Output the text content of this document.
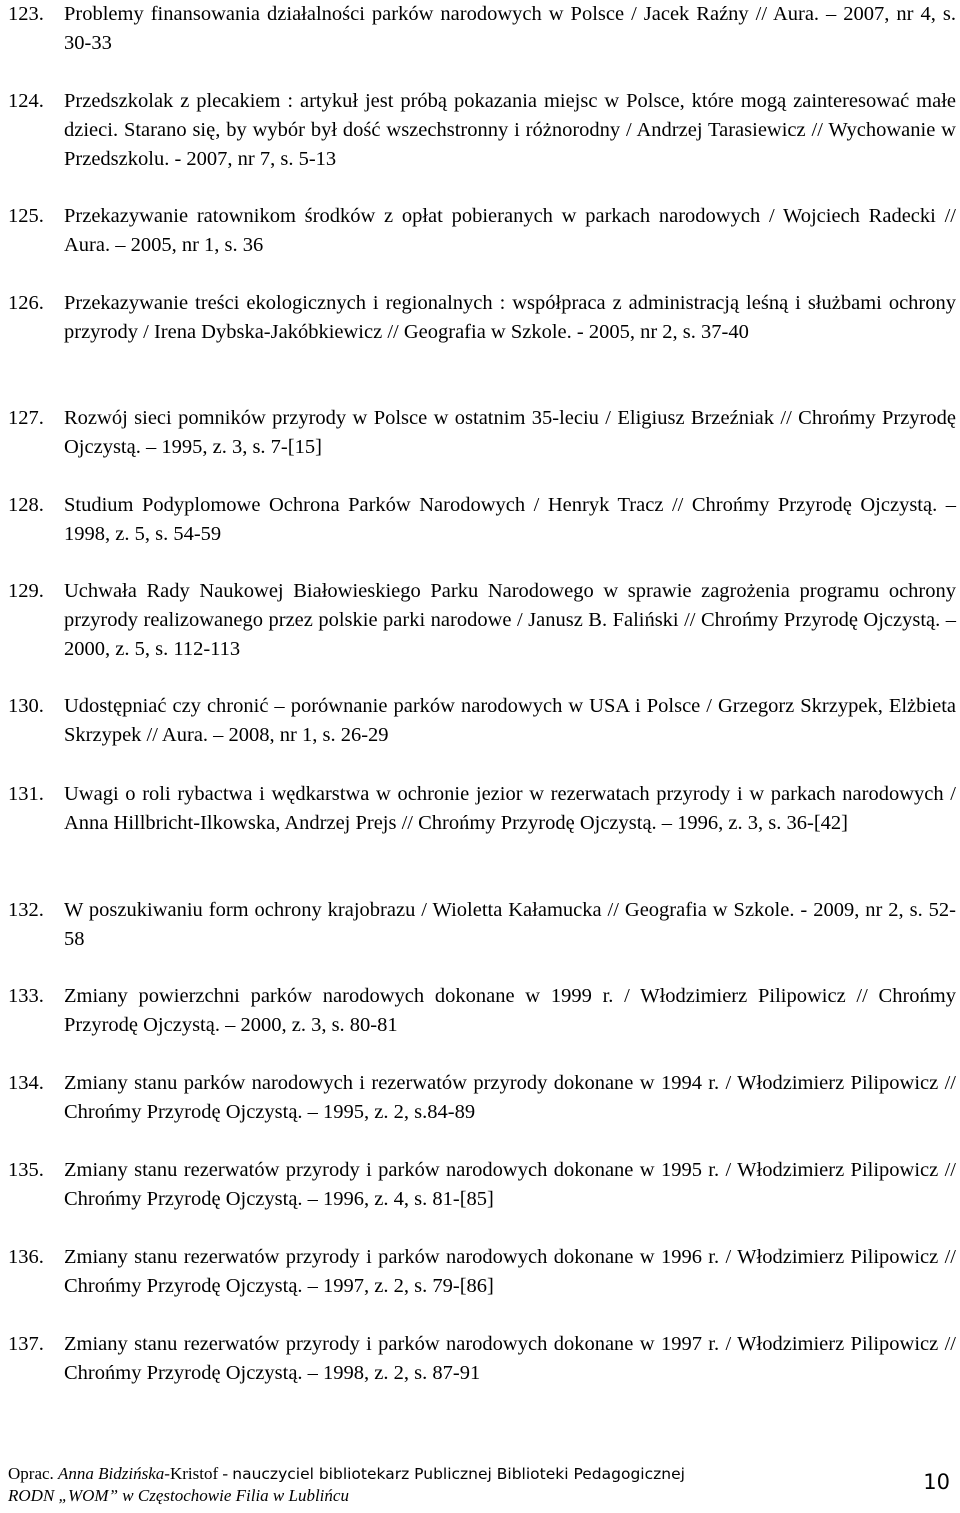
123. Problemy finansowania działalności parków narodowych w Polsce / Jacek Raźny // Aura. – 2007, nr 4, s. 30-33
124. Przedszkolak z plecakiem : artykuł jest próbą pokazania miejsc w Polsce, które mogą zainteresować małe dzieci. Starano się, by wybór był dość wszechstronny i różnorodny / Andrzej Tarasiewicz // Wychowanie w Przedszkolu. - 2007, nr 7, s. 5-13
125. Przekazywanie ratownikom środków z opłat pobieranych w parkach narodowych / Wojciech Radecki // Aura. – 2005, nr 1, s. 36
126. Przekazywanie treści ekologicznych i regionalnych : współpraca z administracją leśną i służbami ochrony przyrody / Irena Dybska-Jakóbkiewicz // Geografia w Szkole. - 2005, nr 2, s. 37-40
127. Rozwój sieci pomników przyrody w Polsce w ostatnim 35-leciu / Eligiusz Brzeźniak // Chrońmy Przyrodę Ojczystą. – 1995, z. 3, s. 7-[15]
128. Studium Podyplomowe Ochrona Parków Narodowych / Henryk Tracz // Chrońmy Przyrodę Ojczystą. – 1998, z. 5, s. 54-59
129. Uchwała Rady Naukowej Białowieskiego Parku Narodowego w sprawie zagrożenia programu ochrony przyrody realizowanego przez polskie parki narodowe / Janusz B. Faliński // Chrońmy Przyrodę Ojczystą. – 2000, z. 5, s. 112-113
130. Udostępniać czy chronić – porównanie parków narodowych w USA i Polsce / Grzegorz Skrzypek, Elżbieta Skrzypek // Aura. – 2008, nr 1, s. 26-29
131. Uwagi o roli rybactwa i wędkarstwa w ochronie jezior w rezerwatach przyrody i w parkach narodowych / Anna Hillbricht-Ilkowska, Andrzej Prejs // Chrońmy Przyrodę Ojczystą. – 1996, z. 3, s. 36-[42]
132. W poszukiwaniu form ochrony krajobrazu / Wioletta Kałamucka // Geografia w Szkole. - 2009, nr 2, s. 52-58
133. Zmiany powierzchni parków narodowych dokonane w 1999 r. / Włodzimierz Pilipowicz // Chrońmy Przyrodę Ojczystą. – 2000, z. 3, s. 80-81
134. Zmiany stanu parków narodowych i rezerwatów przyrody dokonane w 1994 r. / Włodzimierz Pilipowicz // Chrońmy Przyrodę Ojczystą. – 1995, z. 2, s.84-89
135. Zmiany stanu rezerwatów przyrody i parków narodowych dokonane w 1995 r. / Włodzimierz Pilipowicz // Chrońmy Przyrodę Ojczystą. – 1996, z. 4, s. 81-[85]
136. Zmiany stanu rezerwatów przyrody i parków narodowych dokonane w 1996 r. / Włodzimierz Pilipowicz // Chrońmy Przyrodę Ojczystą. – 1997, z. 2, s. 79-[86]
137. Zmiany stanu rezerwatów przyrody i parków narodowych dokonane w 1997 r. / Włodzimierz Pilipowicz // Chrońmy Przyrodę Ojczystą. – 1998, z. 2, s. 87-91
Oprac. Anna Bidzińska-Kristof - nauczyciel bibliotekarz Publicznej Biblioteki Pedagogicznej
RODN „WOM” w Częstochowie Filia w Lublińcu
10
